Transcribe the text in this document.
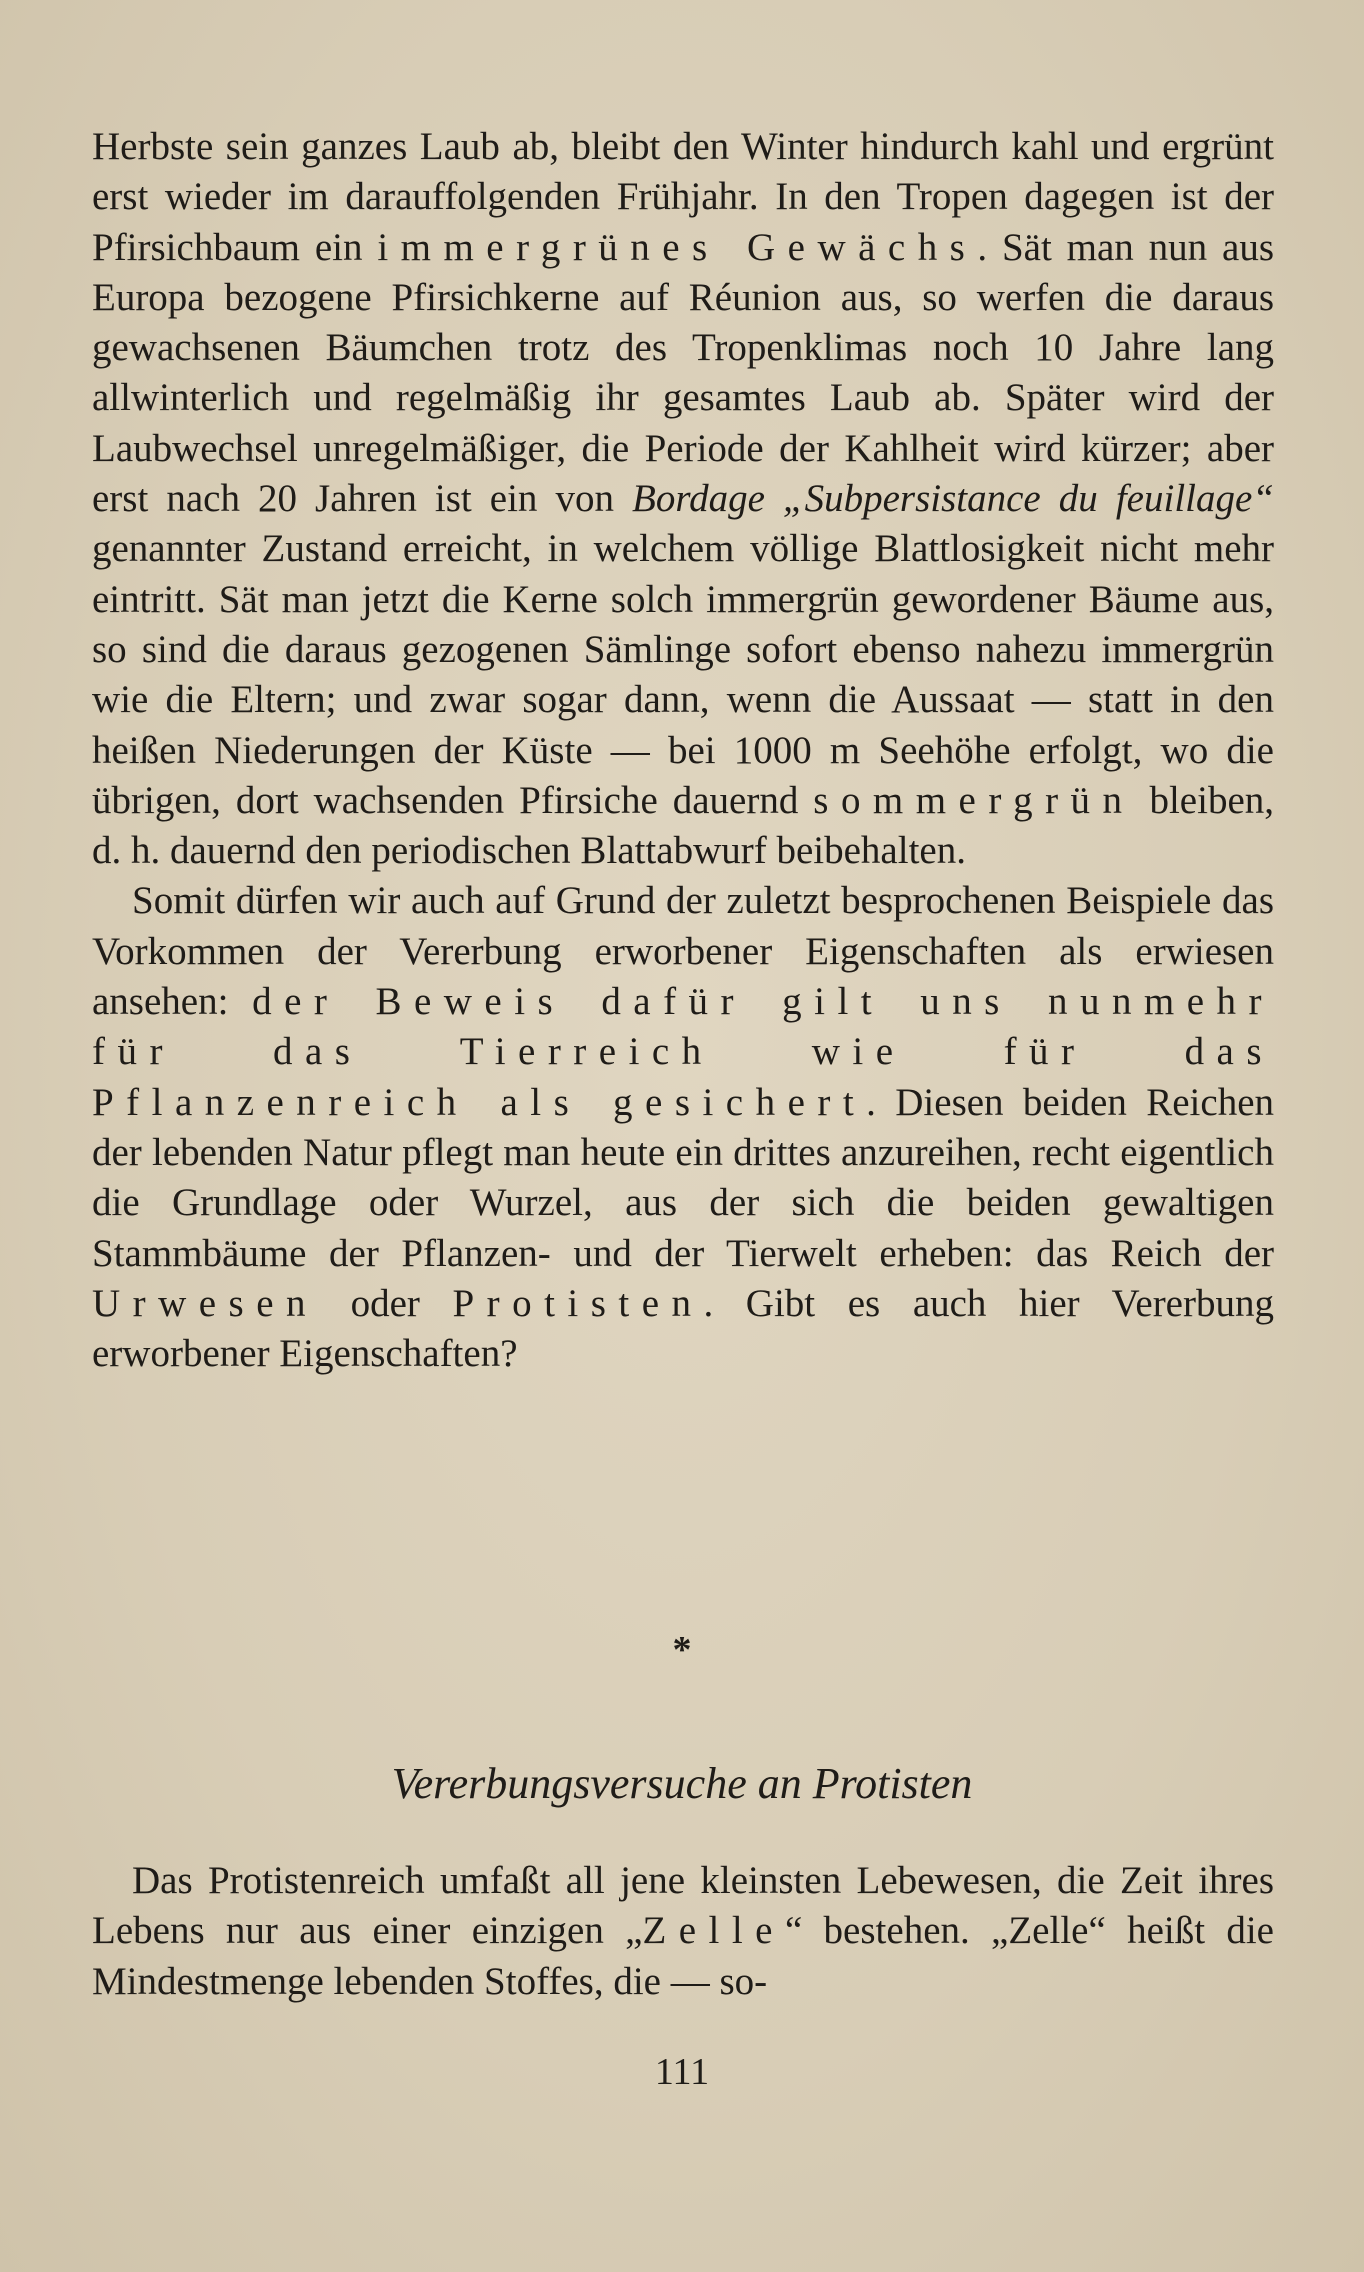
Herbste sein ganzes Laub ab, bleibt den Winter hindurch kahl und ergrünt erst wieder im darauffolgenden Frühjahr. In den Tropen dagegen ist der Pfirsichbaum ein immergrünes Gewächs. Sät man nun aus Europa bezogene Pfirsichkerne auf Réunion aus, so werfen die daraus gewachsenen Bäumchen trotz des Tropenklimas noch 10 Jahre lang allwinterlich und regelmäßig ihr gesamtes Laub ab. Später wird der Laubwechsel unregelmäßiger, die Periode der Kahlheit wird kürzer; aber erst nach 20 Jahren ist ein von Bordage „Subpersistance du feuillage“ genannter Zustand erreicht, in welchem völlige Blattlosigkeit nicht mehr eintritt. Sät man jetzt die Kerne solch immergrün gewordener Bäume aus, so sind die daraus gezogenen Sämlinge sofort ebenso nahezu immergrün wie die Eltern; und zwar sogar dann, wenn die Aussaat — statt in den heißen Niederungen der Küste — bei 1000 m Seehöhe erfolgt, wo die übrigen, dort wachsenden Pfirsiche dauernd sommergrün bleiben, d. h. dauernd den periodischen Blattabwurf beibehalten.

Somit dürfen wir auch auf Grund der zuletzt besprochenen Beispiele das Vorkommen der Vererbung erworbener Eigenschaften als erwiesen ansehen: der Beweis dafür gilt uns nunmehr für das Tierreich wie für das Pflanzenreich als gesichert. Diesen beiden Reichen der lebenden Natur pflegt man heute ein drittes anzureihen, recht eigentlich die Grundlage oder Wurzel, aus der sich die beiden gewaltigen Stammbäume der Pflanzen- und der Tierwelt erheben: das Reich der Urwesen oder Protisten. Gibt es auch hier Vererbung erworbener Eigenschaften?

*
Vererbungsversuche an Protisten

Das Protistenreich umfaßt all jene kleinsten Lebewesen, die Zeit ihres Lebens nur aus einer einzigen „Zelle“ bestehen. „Zelle“ heißt die Mindestmenge lebenden Stoffes, die — so-

111
